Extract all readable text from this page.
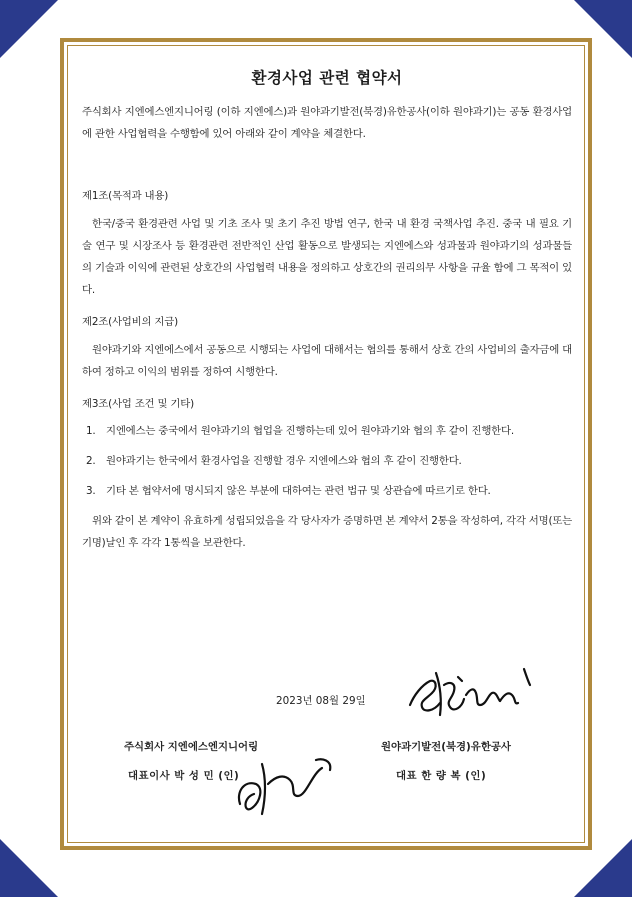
환경사업 관련 협약서
주식회사 지엔에스엔지니어링 (이하 지엔에스)과 원야과기발전(북경)유한공사(이하 원야과기)는 공동 환경사업에 관한 사업협력을 수행함에 있어 아래와 같이 계약을 체결한다.
제1조(목적과 내용)
한국/중국 환경관련 사업 및 기초 조사 및 초기 추진 방법 연구, 한국 내 환경 국책사업 추진. 중국 내 필요 기술 연구 및 시장조사 등 환경관련 전반적인 산업 활동으로 발생되는 지엔에스와 성과물과 원야과기의 성과물들의 기술과 이익에 관련된 상호간의 사업협력 내용을 정의하고 상호간의 권리의무 사항을 규율 함에 그 목적이 있다.
제2조(사업비의 지급)
원야과기와 지엔에스에서 공동으로 시행되는 사업에 대해서는 협의를 통해서 상호 간의 사업비의 출자금에 대하여 정하고 이익의 범위를 정하여 시행한다.
제3조(사업 조건 및 기타)
1.	지엔에스는 중국에서 원야과기의 협업을 진행하는데 있어 원야과기와 협의 후 같이 진행한다.
2.	원야과기는 한국에서 환경사업을 진행할 경우 지엔에스와 협의 후 같이 진행한다.
3.	기타 본 협약서에 명시되지 않은 부분에 대하여는 관련 법규 및 상관습에 따르기로 한다.
위와 같이 본 계약이 유효하게 성립되었음을 각 당사자가 증명하면 본 계약서 2통을 작성하여, 각각 서명(또는 기명)날인 후 각각 1통씩을 보관한다.
2023년 08월 29일
주식회사 지엔에스엔지니어링
대표이사 박 성 민 (인)
원야과기발전(북경)유한공사
대표 한 량 복 (인)
